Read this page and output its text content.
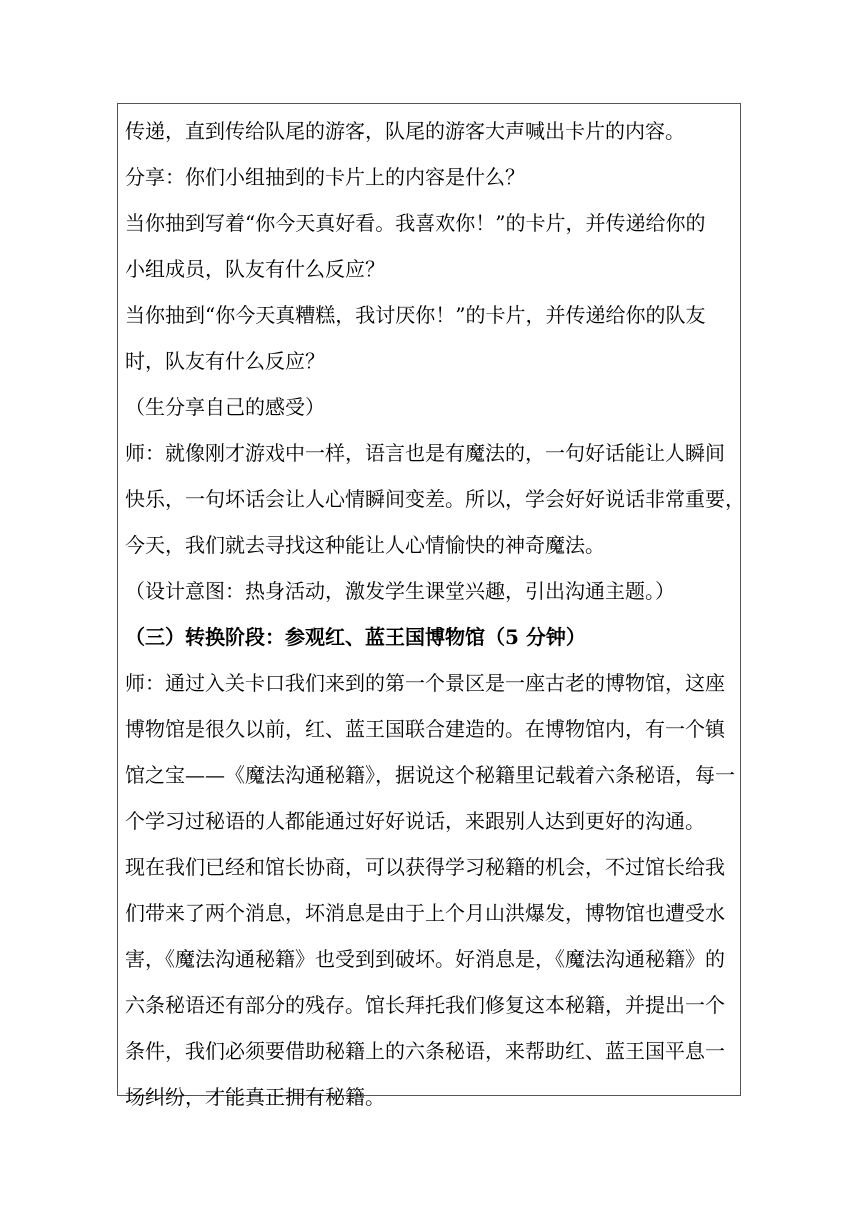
传递，直到传给队尾的游客，队尾的游客大声喊出卡片的内容。
分享：你们小组抽到的卡片上的内容是什么？
当你抽到写着“你今天真好看。我喜欢你！”的卡片，并传递给你的
小组成员，队友有什么反应？
当你抽到“你今天真糟糕，我讨厌你！”的卡片，并传递给你的队友
时，队友有什么反应？
（生分享自己的感受）
师：就像刚才游戏中一样，语言也是有魔法的，一句好话能让人瞬间
快乐，一句坏话会让人心情瞬间变差。所以，学会好好说话非常重要，
今天，我们就去寻找这种能让人心情愉快的神奇魔法。
（设计意图：热身活动，激发学生课堂兴趣，引出沟通主题。）
（三）转换阶段：参观红、蓝王国博物馆（5 分钟）
师：通过入关卡口我们来到的第一个景区是一座古老的博物馆，这座
博物馆是很久以前，红、蓝王国联合建造的。在博物馆内，有一个镇
馆之宝——《魔法沟通秘籍》，据说这个秘籍里记载着六条秘语，每一
个学习过秘语的人都能通过好好说话，来跟别人达到更好的沟通。
现在我们已经和馆长协商，可以获得学习秘籍的机会，不过馆长给我
们带来了两个消息，坏消息是由于上个月山洪爆发，博物馆也遭受水
害，《魔法沟通秘籍》也受到到破坏。好消息是，《魔法沟通秘籍》的
六条秘语还有部分的残存。馆长拜托我们修复这本秘籍，并提出一个
条件，我们必须要借助秘籍上的六条秘语，来帮助红、蓝王国平息一
场纠纷，才能真正拥有秘籍。
